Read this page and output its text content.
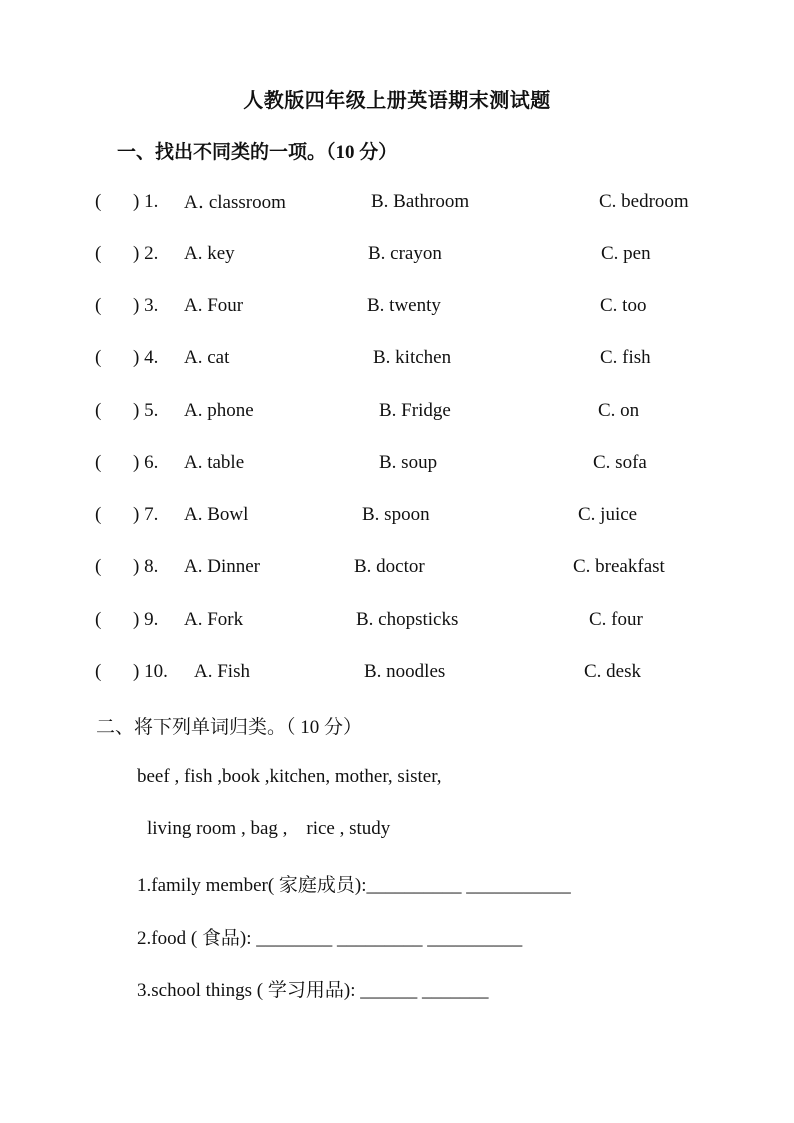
人教版四年级上册英语期末测试题
一、找出不同类的一项。（10 分）
( ) 1. A․ classroom	B. Bathroom	C. bedroom
( ) 2. A. key	B. crayon	C. pen
( ) 3. A. Four	B. twenty	C. too
( ) 4. A. cat	B. kitchen	C. fish
( ) 5. A. phone	B. Fridge	C. on
( ) 6. A. table	B. soup	C. sofa
( ) 7. A. Bowl	B. spoon	C. juice
( ) 8. A. Dinner	B. doctor	C. breakfast
( ) 9. A. Fork	B. chopsticks	C. four
( ) 10. A. Fish	B. noodles	C. desk
二、将下列单词归类。（ 10 分）
beef , fish ,book ,kitchen, mother, sister,
living room , bag ,    rice , study
1.family member( 家庭成员):__________ ___________
2.food ( 食品): ________ _________ __________
3.school things ( 学习用品): ______ _______
